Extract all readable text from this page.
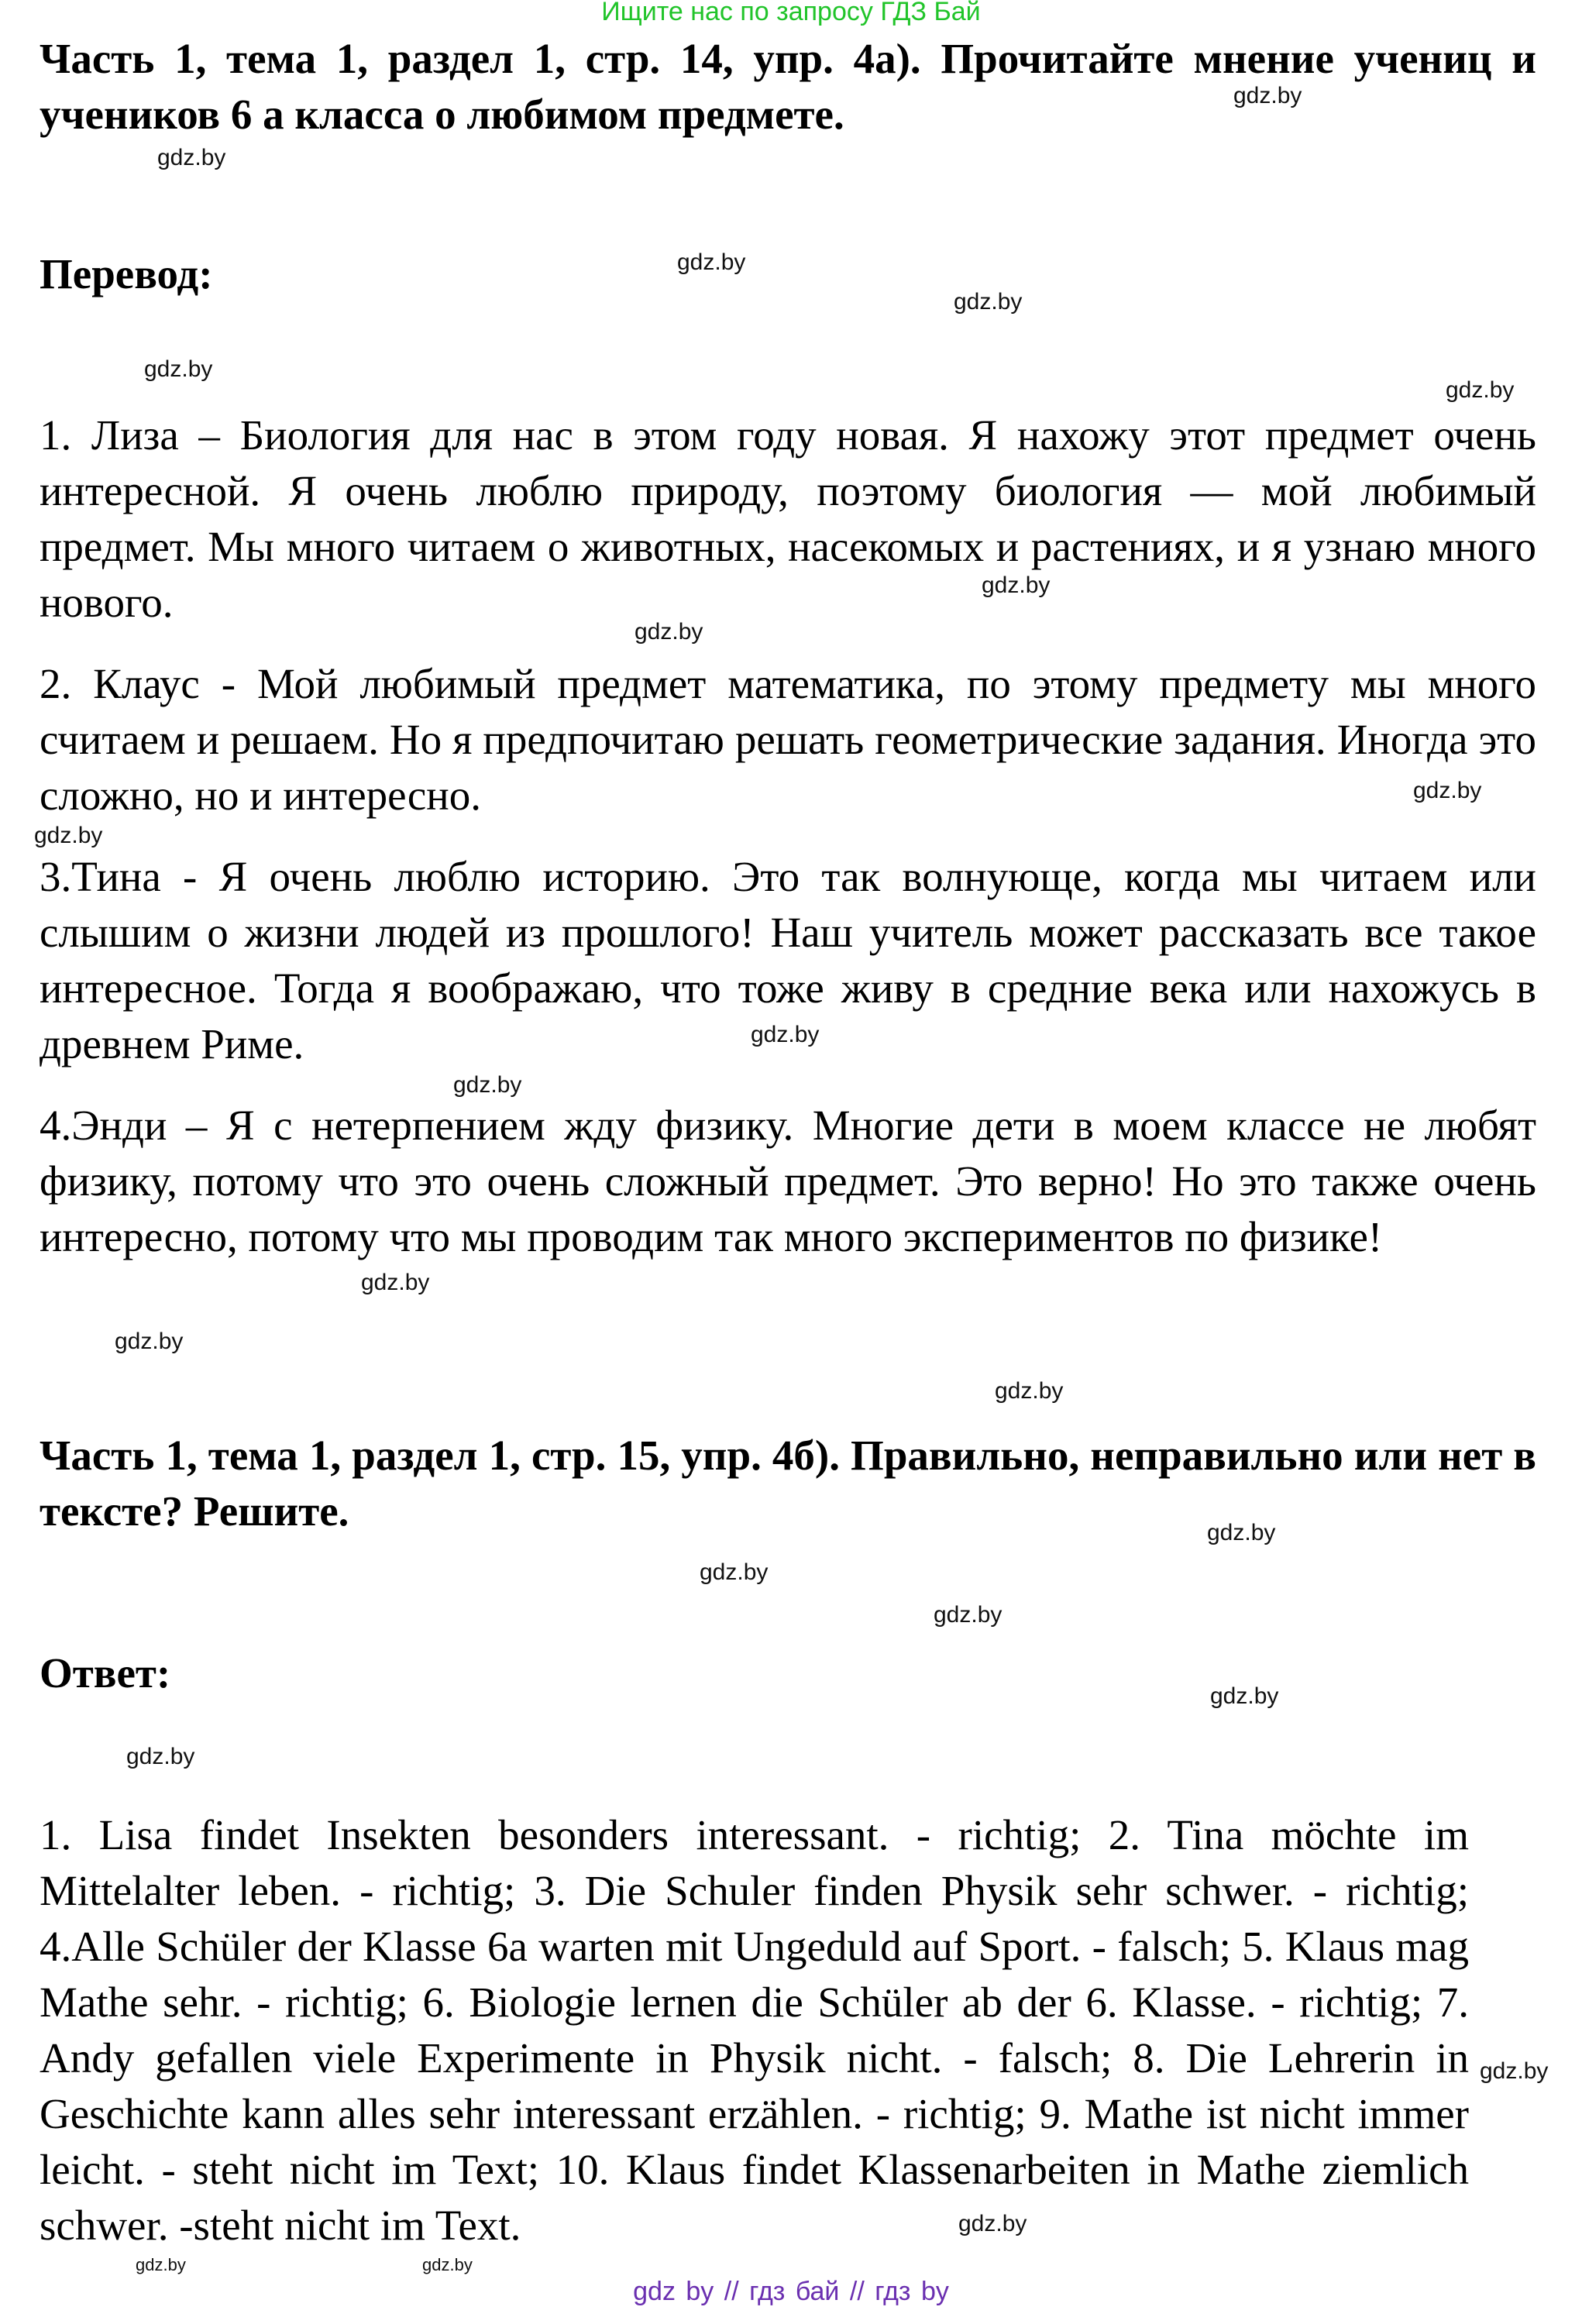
Ищите нас по запросу ГДЗ Бай
Часть 1, тема 1, раздел 1, стр. 14, упр. 4а). Прочитайте мнение учениц и учеников 6 а класса о любимом предмете.
Перевод:
1. Лиза – Биология для нас в этом году новая. Я нахожу этот предмет очень интересной. Я очень люблю природу, поэтому биология — мой любимый предмет. Мы много читаем о животных, насекомых и растениях, и я узнаю много нового.
2. Клаус - Мой любимый предмет математика, по этому предмету мы много считаем и решаем. Но я предпочитаю решать геометрические задания. Иногда это сложно, но и интересно.
3.Тина - Я очень люблю историю. Это так волнующе, когда мы читаем или слышим о жизни людей из прошлого! Наш учитель может рассказать все такое интересное. Тогда я воображаю, что тоже живу в средние века или нахожусь в древнем Риме.
4.Энди – Я с нетерпением жду физику. Многие дети в моем классе не любят физику, потому что это очень сложный предмет. Это верно! Но это также очень интересно, потому что мы проводим так много экспериментов по физике!
Часть 1, тема 1, раздел 1, стр. 15, упр. 4б). Правильно, неправильно или нет в тексте? Решите.
Ответ:
1. Lisa findet Insekten besonders interessant. - richtig; 2. Tina möchte im Mittelalter leben. - richtig; 3. Die Schuler finden Physik sehr schwer. - richtig; 4.Alle Schüler der Klasse 6a warten mit Ungeduld auf Sport. - falsch; 5. Klaus mag Mathe sehr. - richtig; 6. Biologie lernen die Schüler ab der 6. Klasse. - richtig; 7. Andy gefallen viele Experimente in Physik nicht. - falsch; 8. Die Lehrerin in Geschichte kann alles sehr interessant erzählen. - richtig; 9. Mathe ist nicht immer leicht. - steht nicht im Text; 10. Klaus findet Klassenarbeiten in Mathe ziemlich schwer. -steht nicht im Text.
gdz.by
gdz.by
gdz.by
gdz.by
gdz.by
gdz.by
gdz.by
gdz.by
gdz.by
gdz.by
gdz.by
gdz.by
gdz.by
gdz.by
gdz.by
gdz.by
gdz.by
gdz.by
gdz.by
gdz.by
gdz.by
gdz.by
gdz.by
gdz.by
gdz by // гдз бай // гдз by
